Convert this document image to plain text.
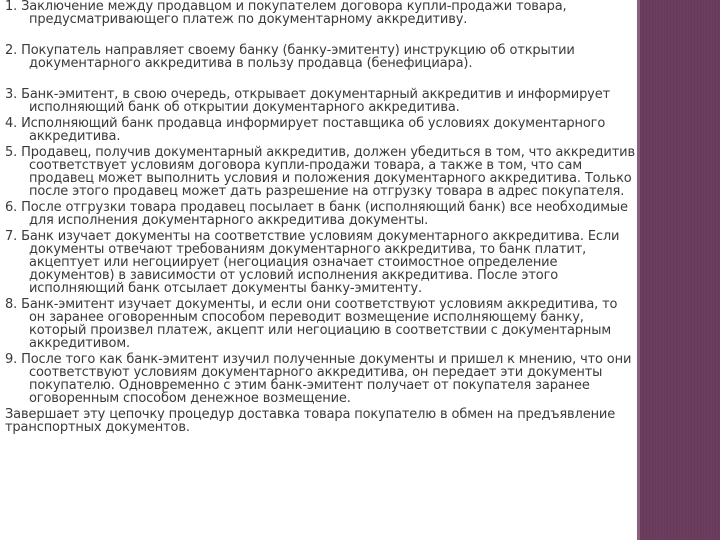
1. Заключение между продавцом и покупателем договора купли-продажи товара, предусматривающего платеж по документарному аккредитиву.

2. Покупатель направляет своему банку (банку-эмитенту) инструкцию об открытии документарного аккредитива в пользу продавца (бенефициара).

3. Банк-эмитент, в свою очередь, открывает документарный аккредитив и информирует исполняющий банк об открытии документарного аккредитива.

4. Исполняющий банк продавца информирует поставщика об условиях документарного аккредитива.

5. Продавец, получив документарный аккредитив, должен убедиться в том, что аккредитив соответствует условиям договора купли-продажи товара, а также в том, что сам продавец может выполнить условия и положения документарного аккредитива. Только после этого продавец может дать разрешение на отгрузку товара в адрес покупателя.

6. После отгрузки товара продавец посылает в банк (исполняющий банк) все необходимые для исполнения документарного аккредитива документы.

7. Банк изучает документы на соответствие условиям документарного аккредитива. Если документы отвечают требованиям документарного аккредитива, то банк платит, акцептует или негоциирует (негоциация означает стоимостное определение документов) в зависимости от условий исполнения аккредитива. После этого исполняющий банк отсылает документы банку-эмитенту.

8. Банк-эмитент изучает документы, и если они соответствуют условиям аккредитива, то он заранее оговоренным способом переводит возмещение исполняющему банку, который произвел платеж, акцепт или негоциацию в соответствии с документарным аккредитивом.

9. После того как банк-эмитент изучил полученные документы и пришел к мнению, что они соответствуют условиям документарного аккредитива, он передает эти документы покупателю. Одновременно с этим банк-эмитент получает от покупателя заранее оговоренным способом денежное возмещение.

Завершает эту цепочку процедур доставка товара покупателю в обмен на предъявление транспортных документов.
